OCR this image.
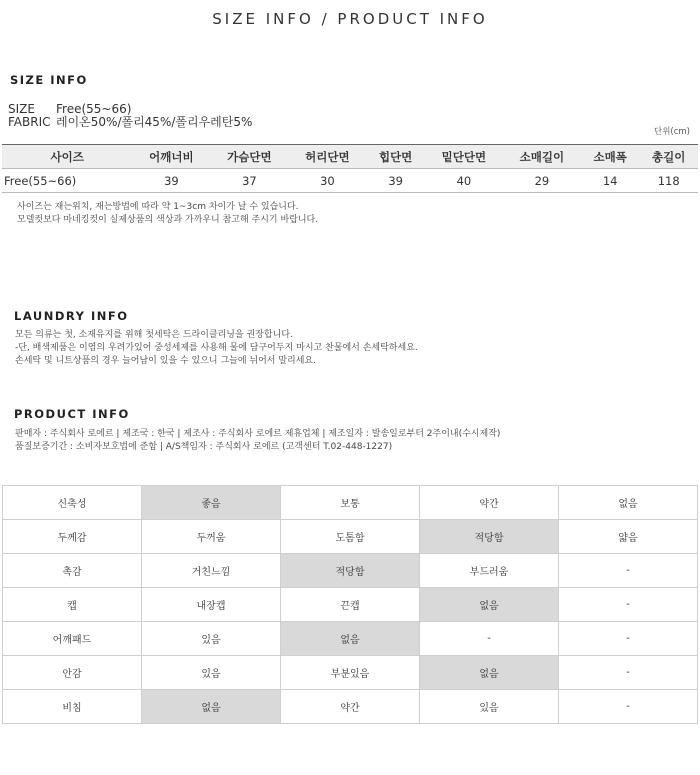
SIZE INFO / PRODUCT INFO
SIZE INFO
SIZE	Free(55~66)
FABRIC 레이온50%/폴리45%/폴리우레탄5%
단위(cm)
사이즈	어깨너비	가슴단면	허리단면	힙단면	밑단단면	소매길이	소매폭	총길이
Free(55~66)	39	37	30	39	40	29	14	118
사이즈는 재는위치, 재는방법에 따라 약 1~3cm 차이가 날 수 있습니다.
모델컷보다 마네킹컷이 실제상품의 색상과 가까우니 참고해 주시기 바랍니다.
LAUNDRY INFO
모든 의류는 첫, 소재유지를 위해 첫세탁은 드라이클리닝을 권장합니다.
-단, 배색제품은 이염의 우려가있어 중성세제를 사용해 물에 담구어두지 마시고 찬물에서 손세탁하세요.
손세탁 및 니트상품의 경우 늘어남이 있을 수 있으니 그늘에 뉘어서 말리세요.
PRODUCT INFO
판매자 : 주식회사 로에르 | 제조국 : 한국 | 제조사 : 주식회사 로에르 제휴업체 | 제조일자 : 발송일로부터 2주이내(수시제작)
품질보증기간 : 소비자보호법에 준함 | A/S책임자 : 주식회사 로에르 (고객센터 T.02-448-1227)
신축성	좋음	보통	약간	없음
두께감	두꺼움	도톰함	적당함	얇음
촉감	거친느낌	적당함	부드러움	-
캡	내장캡	끈캡	없음	-
어깨패드	있음	없음	-	-
안감	있음	부분있음	없음	-
비침	없음	약간	있음	-
